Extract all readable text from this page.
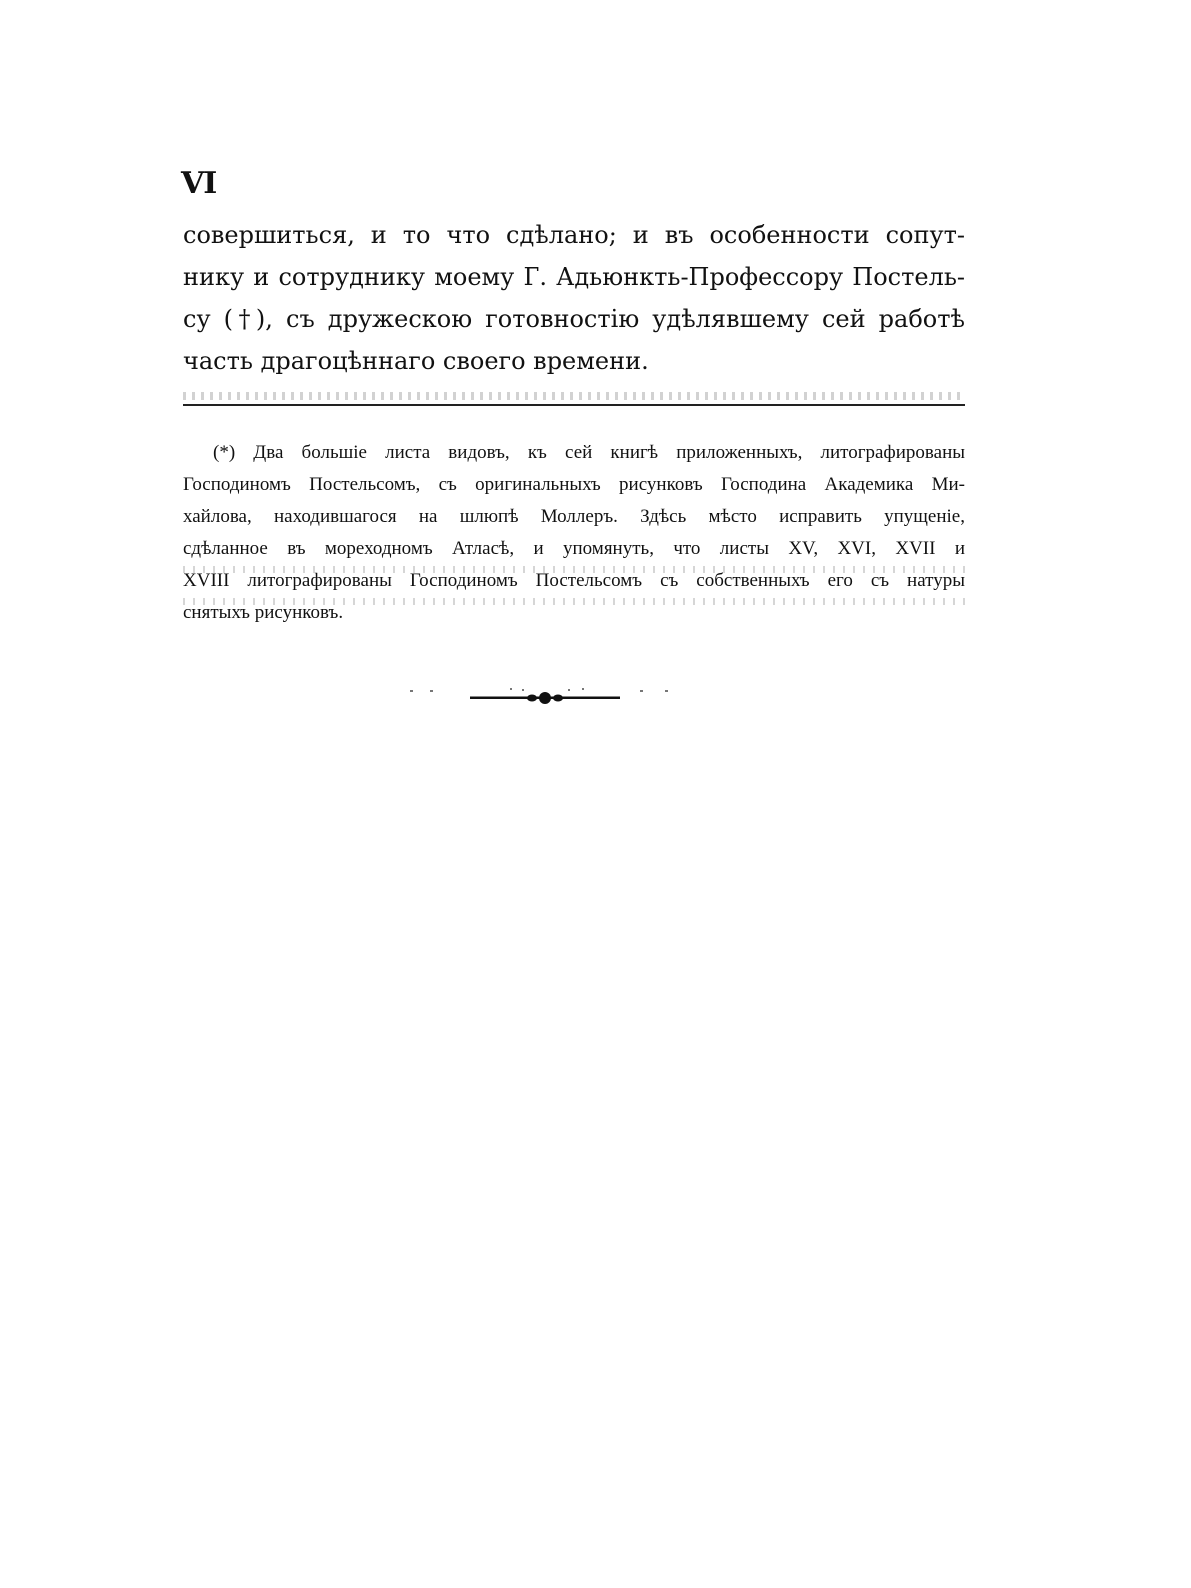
VI
совершиться, и то что сдѣлано; и въ особенности сопут-
нику и сотруднику моему Г. Адьюнкть-Профессору Постель-
су (†), съ дружескою готовностію удѣлявшему сей работѣ
часть драгоцѣннаго своего времени.
(*) Два большіе листа видовъ, къ сей книгѣ приложенныхъ, литографированы
Господиномъ Постельсомъ, съ оригинальныхъ рисунковъ Господина Академика Ми-
хайлова, находившагося на шлюпѣ Моллеръ. Здѣсь мѣсто исправить упущеніе,
сдѣланное въ мореходномъ Атласѣ, и упомянуть, что листы XV, XVI, XVII и
XVIII литографированы Господиномъ Постельсомъ съ собственныхъ его съ натуры
снятыхъ рисунковъ.
